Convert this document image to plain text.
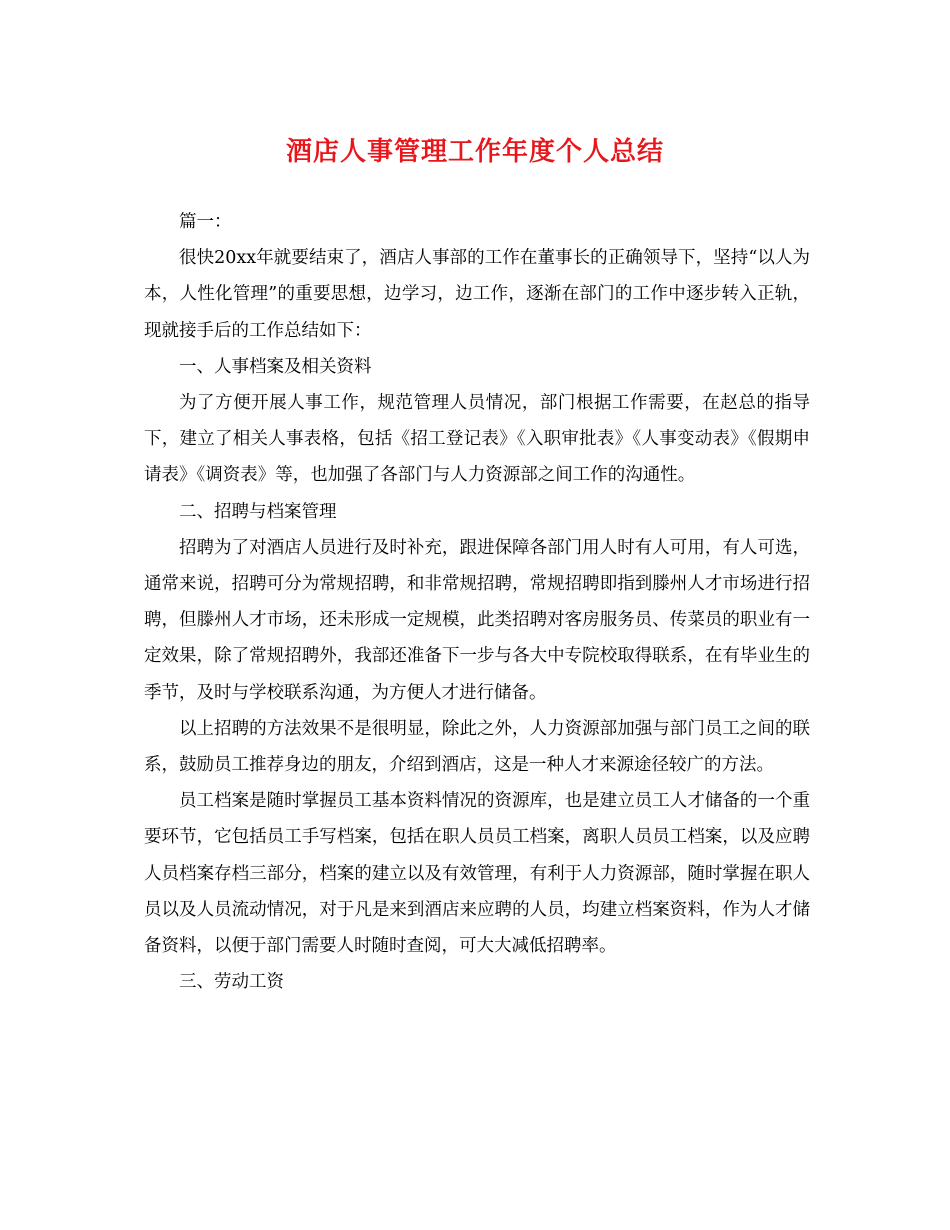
酒店人事管理工作年度个人总结

篇一：

很快20xx年就要结束了，酒店人事部的工作在董事长的正确领导下，坚持“以人为本，人性化管理”的重要思想，边学习，边工作，逐渐在部门的工作中逐步转入正轨，现就接手后的工作总结如下：

一、人事档案及相关资料

为了方便开展人事工作，规范管理人员情况，部门根据工作需要，在赵总的指导下，建立了相关人事表格，包括《招工登记表》《入职审批表》《人事变动表》《假期申请表》《调资表》等，也加强了各部门与人力资源部之间工作的沟通性。

二、招聘与档案管理

招聘为了对酒店人员进行及时补充，跟进保障各部门用人时有人可用，有人可选，通常来说，招聘可分为常规招聘，和非常规招聘，常规招聘即指到滕州人才市场进行招聘，但滕州人才市场，还未形成一定规模，此类招聘对客房服务员、传菜员的职业有一定效果，除了常规招聘外，我部还准备下一步与各大中专院校取得联系，在有毕业生的季节，及时与学校联系沟通，为方便人才进行储备。

以上招聘的方法效果不是很明显，除此之外，人力资源部加强与部门员工之间的联系，鼓励员工推荐身边的朋友，介绍到酒店，这是一种人才来源途径较广的方法。

员工档案是随时掌握员工基本资料情况的资源库，也是建立员工人才储备的一个重要环节，它包括员工手写档案，包括在职人员员工档案，离职人员员工档案，以及应聘人员档案存档三部分，档案的建立以及有效管理，有利于人力资源部，随时掌握在职人员以及人员流动情况，对于凡是来到酒店来应聘的人员，均建立档案资料，作为人才储备资料，以便于部门需要人时随时查阅，可大大减低招聘率。

三、劳动工资
